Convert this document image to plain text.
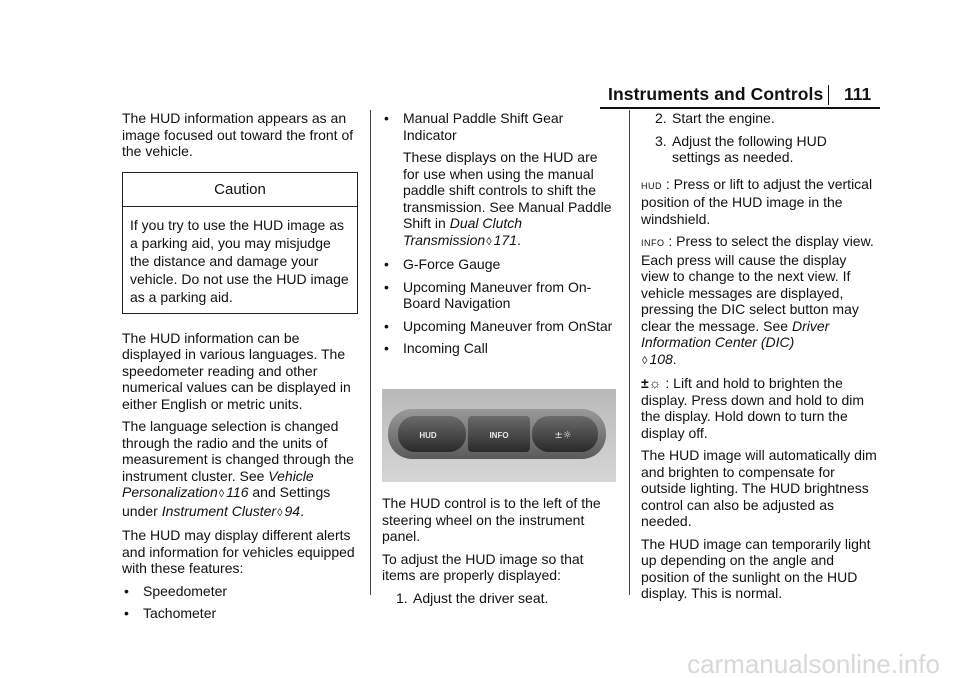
Instruments and Controls 111

The HUD information appears as an image focused out toward the front of the vehicle.

Caution
If you try to use the HUD image as a parking aid, you may misjudge the distance and damage your vehicle. Do not use the HUD image as a parking aid.

The HUD information can be displayed in various languages. The speedometer reading and other numerical values can be displayed in either English or metric units.

The language selection is changed through the radio and the units of measurement is changed through the instrument cluster. See Vehicle Personalization◊ 116 and Settings under Instrument Cluster◊ 94.

The HUD may display different alerts and information for vehicles equipped with these features:

• Speedometer
• Tachometer
• Manual Paddle Shift Gear Indicator
These displays on the HUD are for use when using the manual paddle shift controls to shift the transmission. See Manual Paddle Shift in Dual Clutch Transmission◊ 171.
• G-Force Gauge
• Upcoming Maneuver from On-Board Navigation
• Upcoming Maneuver from OnStar
• Incoming Call
HUD	INFO	±☼

The HUD control is to the left of the steering wheel on the instrument panel.

To adjust the HUD image so that items are properly displayed:

1. Adjust the driver seat.
2. Start the engine.
3. Adjust the following HUD settings as needed.

HUD : Press or lift to adjust the vertical position of the HUD image in the windshield.

INFO : Press to select the display view. Each press will cause the display view to change to the next view. If vehicle messages are displayed, pressing the DIC select button may clear the message. See Driver Information Center (DIC)
◊ 108.

±☼ : Lift and hold to brighten the display. Press down and hold to dim the display. Hold down to turn the display off.

The HUD image will automatically dim and brighten to compensate for outside lighting. The HUD brightness control can also be adjusted as needed.

The HUD image can temporarily light up depending on the angle and position of the sunlight on the HUD display. This is normal.

carmanualsonline.info
